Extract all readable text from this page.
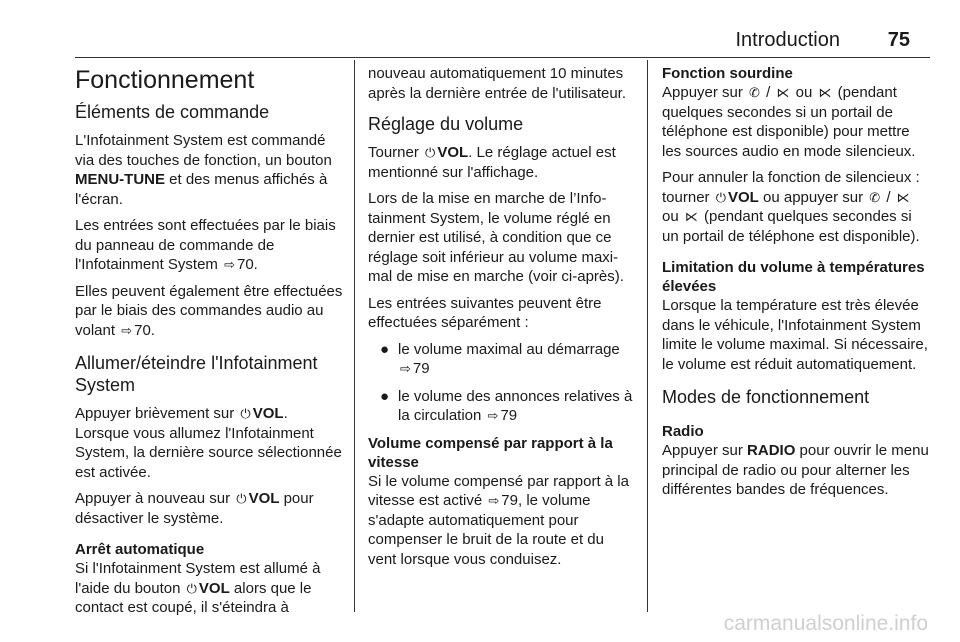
Introduction 75
Fonctionnement
Éléments de commande

L'Infotainment System est commandé via des touches de fonction, un bouton MENU-TUNE et des menus affichés à l'écran.

Les entrées sont effectuées par le biais du panneau de commande de l'Infotainment System ⇨ 70.

Elles peuvent également être effectuées par le biais des commandes audio au volant ⇨ 70.

Allumer/éteindre l'Infotainment System

Appuyer brièvement sur ⏻ VOL. Lorsque vous allumez l'Infotainment System, la dernière source sélectionnée est activée.

Appuyer à nouveau sur ⏻ VOL pour désactiver le système.

Arrêt automatique

Si l'Infotainment System est allumé à l'aide du bouton ⏻ VOL alors que le contact est coupé, il s'éteindra à

nouveau automatiquement 10 minutes après la dernière entrée de l'utilisateur.

Réglage du volume

Tourner ⏻ VOL. Le réglage actuel est mentionné sur l'affichage.

Lors de la mise en marche de l’Infotainment System, le volume réglé en dernier est utilisé, à condition que ce réglage soit inférieur au volume maximal de mise en marche (voir ci-après).

Les entrées suivantes peuvent être effectuées séparément :

● le volume maximal au démarrage ⇨ 79
● le volume des annonces relatives à la circulation ⇨ 79
Volume compensé par rapport à la vitesse

Si le volume compensé par rapport à la vitesse est activé ⇨ 79, le volume s'adapte automatiquement pour compenser le bruit de la route et du vent lorsque vous conduisez.

Fonction sourdine

Appuyer sur ✆ / ⋉ ou ⋉ (pendant quelques secondes si un portail de téléphone est disponible) pour mettre les sources audio en mode silencieux.

Pour annuler la fonction de silencieux : tourner ⏻ VOL ou appuyer sur ✆ / ⋉ ou ⋉ (pendant quelques secondes si un portail de téléphone est disponible).

Limitation du volume à températures élevées

Lorsque la température est très élevée dans le véhicule, l'Infotainment System limite le volume maximal. Si nécessaire, le volume est réduit automatiquement.

Modes de fonctionnement
Radio

Appuyer sur RADIO pour ouvrir le menu principal de radio ou pour alterner les différentes bandes de fréquences.

carmanualsonline.info
